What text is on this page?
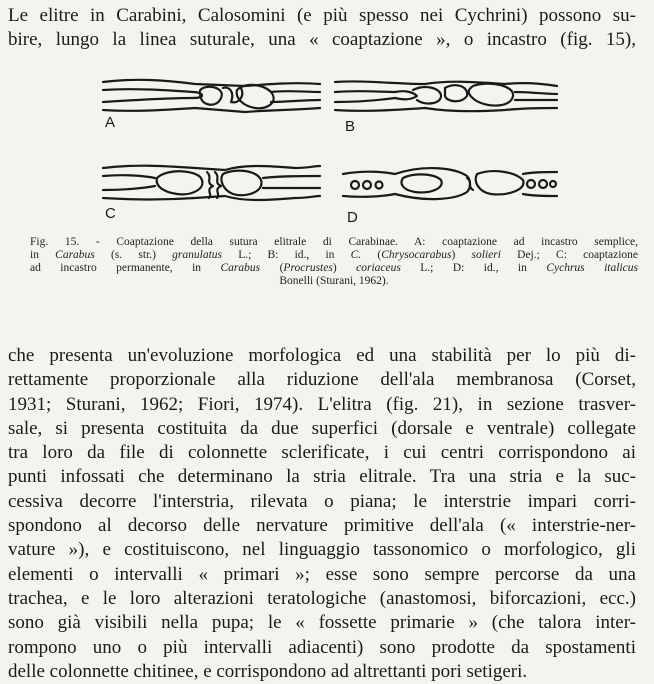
Le elitre in Carabini, Calosomini (e più spesso nei Cychrini) possono su-
bire, lungo la linea suturale, una « coaptazione », o incastro (fig. 15),
A	B
C	D
Fig. 15. - Coaptazione della sutura elitrale di Carabinae. A: coaptazione ad incastro semplice,
in Carabus (s. str.) granulatus L.; B: id., in C. (Chrysocarabus) solieri Dej.; C: coaptazione
ad incastro permanente, in Carabus (Procrustes) coriaceus L.; D: id., in Cychrus italicus
Bonelli (Sturani, 1962).
che presenta un'evoluzione morfologica ed una stabilità per lo più di-
rettamente proporzionale alla riduzione dell'ala membranosa (Corset,
1931; Sturani, 1962; Fiori, 1974). L'elitra (fig. 21), in sezione trasver-
sale, si presenta costituita da due superfici (dorsale e ventrale) collegate
tra loro da file di colonnette sclerificate, i cui centri corrispondono ai
punti infossati che determinano la stria elitrale. Tra una stria e la suc-
cessiva decorre l'interstria, rilevata o piana; le interstrie impari corri-
spondono al decorso delle nervature primitive dell'ala (« interstrie-ner-
vature »), e costituiscono, nel linguaggio tassonomico o morfologico, gli
elementi o intervalli « primari »; esse sono sempre percorse da una
trachea, e le loro alterazioni teratologiche (anastomosi, biforcazioni, ecc.)
sono già visibili nella pupa; le « fossette primarie » (che talora inter-
rompono uno o più intervalli adiacenti) sono prodotte da spostamenti
delle colonnette chitinee, e corrispondono ad altrettanti pori setigeri.
